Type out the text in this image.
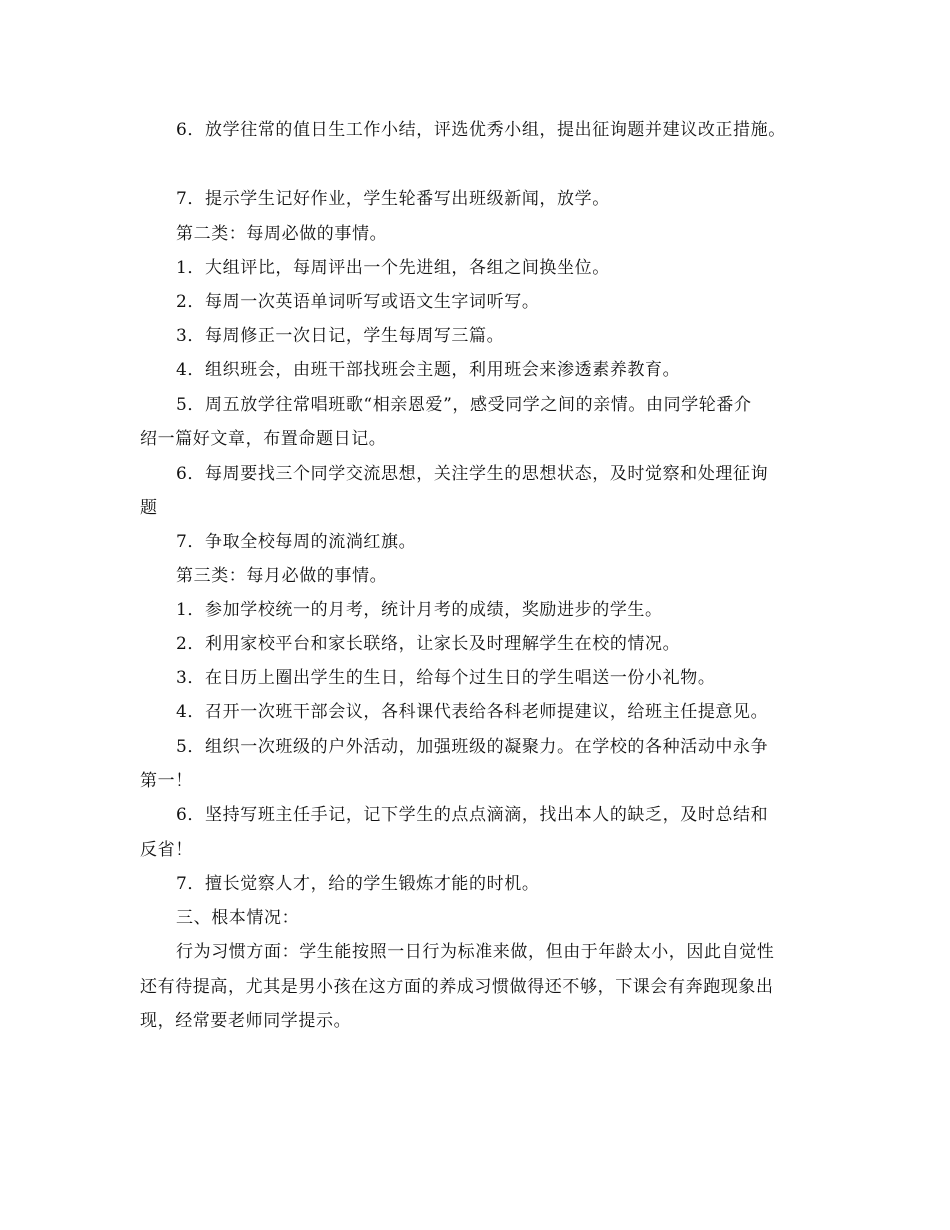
6．放学往常的值日生工作小结，评选优秀小组，提出征询题并建议改正措施。
7．提示学生记好作业，学生轮番写出班级新闻，放学。
第二类：每周必做的事情。
1．大组评比，每周评出一个先进组，各组之间换坐位。
2．每周一次英语单词听写或语文生字词听写。
3．每周修正一次日记，学生每周写三篇。
4．组织班会，由班干部找班会主题，利用班会来渗透素养教育。
5．周五放学往常唱班歌“相亲恩爱”，感受同学之间的亲情。由同学轮番介
绍一篇好文章，布置命题日记。
6．每周要找三个同学交流思想，关注学生的思想状态，及时觉察和处理征询
题
7．争取全校每周的流淌红旗。
第三类：每月必做的事情。
1．参加学校统一的月考，统计月考的成绩，奖励进步的学生。
2．利用家校平台和家长联络，让家长及时理解学生在校的情况。
3．在日历上圈出学生的生日，给每个过生日的学生唱送一份小礼物。
4．召开一次班干部会议，各科课代表给各科老师提建议，给班主任提意见。
5．组织一次班级的户外活动，加强班级的凝聚力。在学校的各种活动中永争
第一！
6．坚持写班主任手记，记下学生的点点滴滴，找出本人的缺乏，及时总结和
反省！
7．擅长觉察人才，给的学生锻炼才能的时机。
三、根本情况：
行为习惯方面：学生能按照一日行为标准来做，但由于年龄太小，因此自觉性
还有待提高，尤其是男小孩在这方面的养成习惯做得还不够，下课会有奔跑现象出
现，经常要老师同学提示。
